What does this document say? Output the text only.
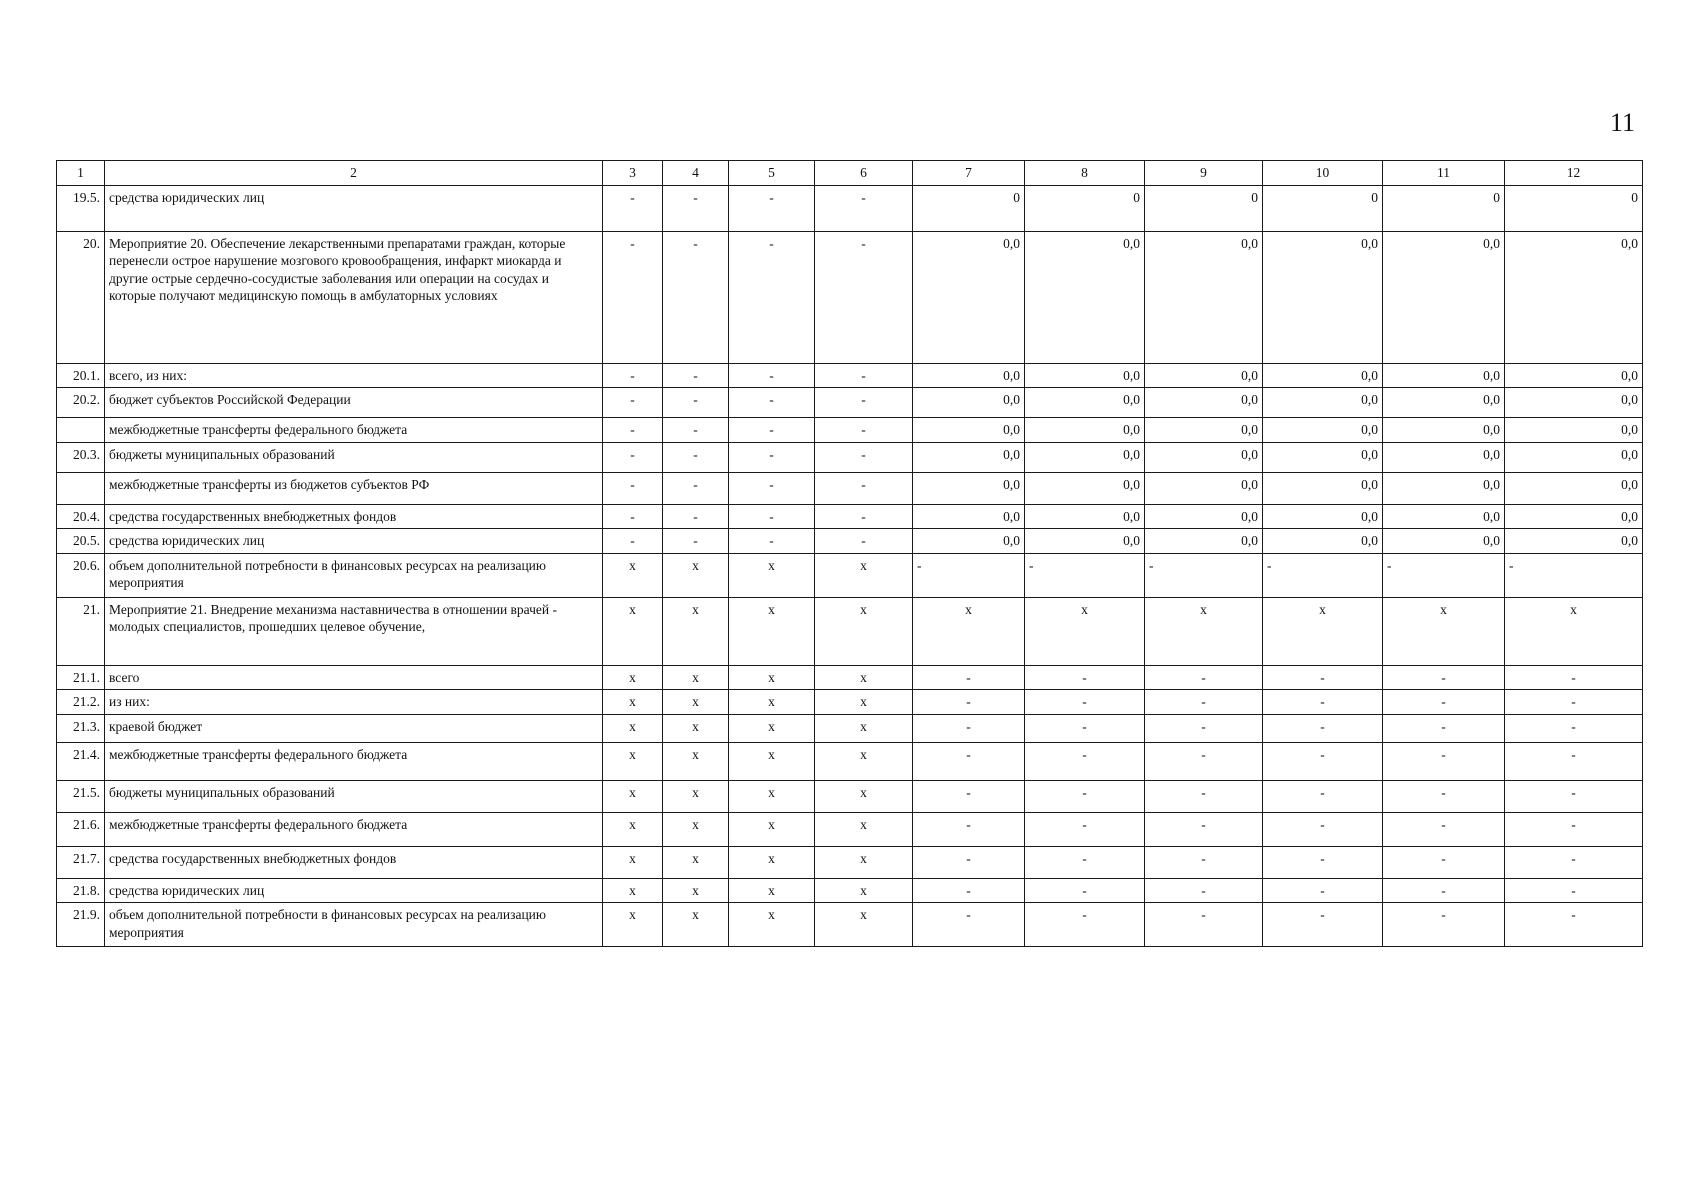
11
1	2	3	4	5	6	7	8	9	10	11	12
19.5.	средства юридических лиц	-	-	-	-	0	0	0	0	0	0
20.	Мероприятие 20. Обеспечение лекарственными препаратами граждан, которые перенесли острое нарушение мозгового кровообращения, инфаркт миокарда и другие острые сердечно-сосудистые заболевания или операции на сосудах и которые получают медицинскую помощь в амбулаторных условиях	-	-	-	-	0,0	0,0	0,0	0,0	0,0	0,0
20.1.	всего, из них:	-	-	-	-	0,0	0,0	0,0	0,0	0,0	0,0
20.2.	бюджет субъектов Российской Федерации	-	-	-	-	0,0	0,0	0,0	0,0	0,0	0,0
	межбюджетные трансферты федерального бюджета	-	-	-	-	0,0	0,0	0,0	0,0	0,0	0,0
20.3.	бюджеты муниципальных образований	-	-	-	-	0,0	0,0	0,0	0,0	0,0	0,0
	межбюджетные трансферты из бюджетов субъектов РФ	-	-	-	-	0,0	0,0	0,0	0,0	0,0	0,0
20.4.	средства государственных внебюджетных фондов	-	-	-	-	0,0	0,0	0,0	0,0	0,0	0,0
20.5.	средства юридических лиц	-	-	-	-	0,0	0,0	0,0	0,0	0,0	0,0
20.6.	объем дополнительной потребности в финансовых ресурсах на реализацию мероприятия	x	x	x	x	-	-	-	-	-	-
21.	Мероприятие 21. Внедрение механизма наставничества в отношении врачей - молодых специалистов, прошедших целевое обучение,	x	x	x	x	x	x	x	x	x	x
21.1.	всего	x	x	x	x	-	-	-	-	-	-
21.2.	из них:	x	x	x	x	-	-	-	-	-	-
21.3.	краевой бюджет	x	x	x	x	-	-	-	-	-	-
21.4.	межбюджетные трансферты федерального бюджета	x	x	x	x	-	-	-	-	-	-
21.5.	бюджеты муниципальных образований	x	x	x	x	-	-	-	-	-	-
21.6.	межбюджетные трансферты федерального бюджета	x	x	x	x	-	-	-	-	-	-
21.7.	средства государственных внебюджетных фондов	x	x	x	x	-	-	-	-	-	-
21.8.	средства юридических лиц	x	x	x	x	-	-	-	-	-	-
21.9.	объем дополнительной потребности в финансовых ресурсах на реализацию мероприятия	x	x	x	x	-	-	-	-	-	-
